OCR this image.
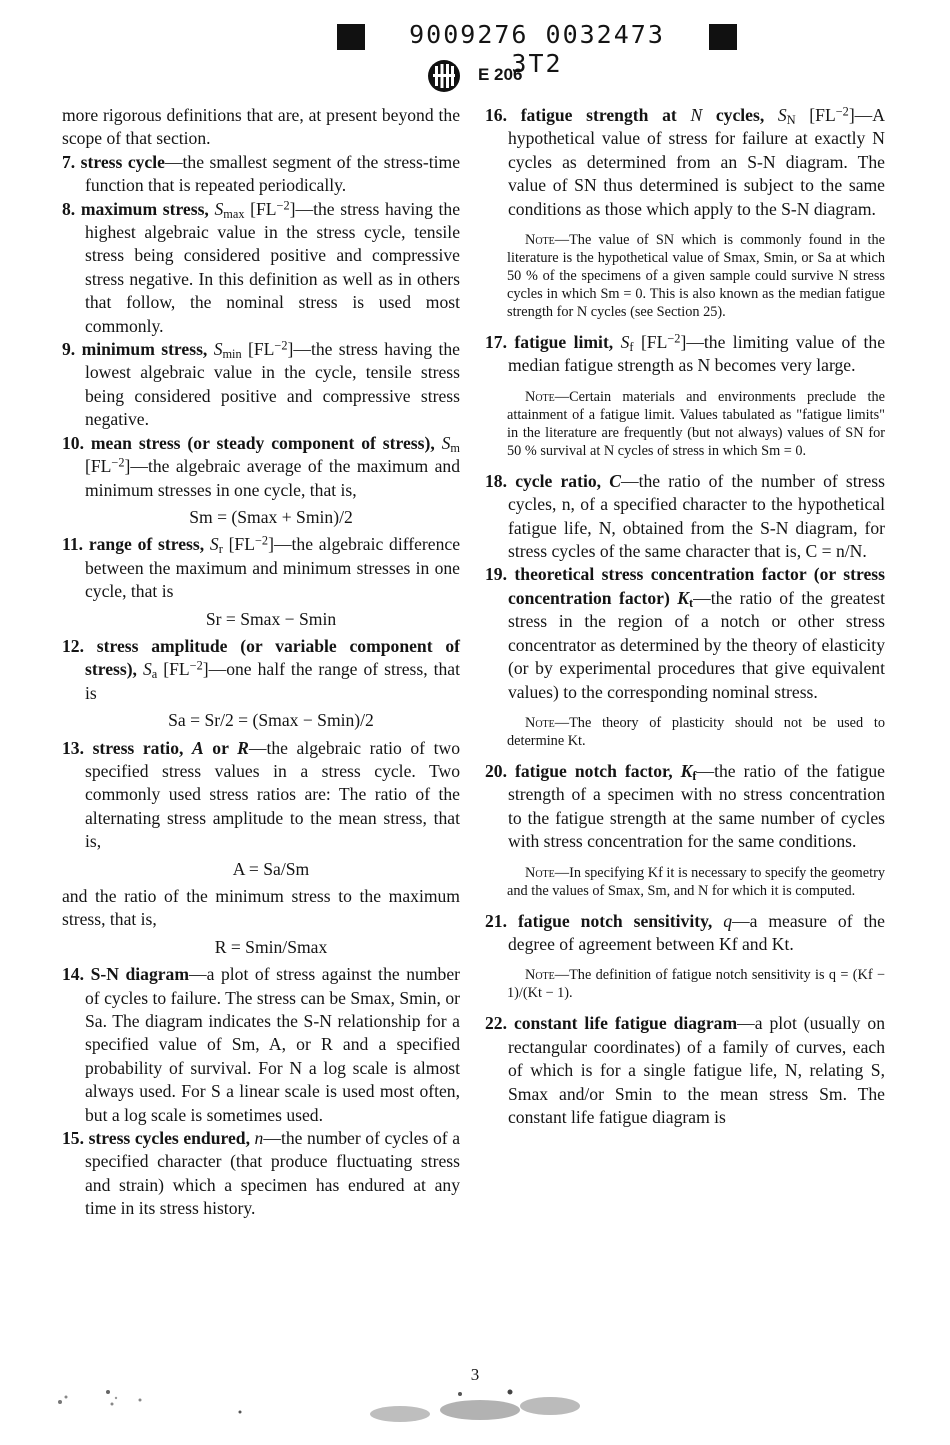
9009276 0032473 3T2
E 206

more rigorous definitions that are, at present beyond the scope of that section.

7. stress cycle—the smallest segment of the stress-time function that is repeated periodically.

8. maximum stress, $S_{max}$ $[FL^{-2}]—the$ stress having the highest algebraic value in the stress cycle, tensile stress being considered positive and compressive stress negative. In this definition as well as in others that follow, the nominal stress is used most commonly.

9. minimum stress, $S_{min}$ $[FL^{-2}]—the$ stress having the lowest algebraic value in the cycle, tensile stress being considered positive and compressive stress negative.

10. mean stress (or steady component of stress), $S_m$ $[FL^{-2}]—the$ algebraic average of the maximum and minimum stresses in one cycle, that is,

Sm = (Smax + Smin)/2

11. range of stress, $S_r$ $[FL^{-2}]—the$ algebraic difference between the maximum and minimum stresses in one cycle, that is

Sr = Smax − Smin

12. stress amplitude (or variable component of stress), $S_a$ $[FL^{-2}]—one$ half the range of stress, that is

Sa = Sr/2 = (Smax − Smin)/2

13. stress ratio, A or R—the algebraic ratio of two specified stress values in a stress cycle. Two commonly used stress ratios are: The ratio of the alternating stress amplitude to the mean stress, that is,

A = Sa/Sm

and the ratio of the minimum stress to the maximum stress, that is,

R = Smin/Smax

14. S-N diagram—a plot of stress against the number of cycles to failure. The stress can be Smax, Smin, or Sa. The diagram indicates the S-N relationship for a specified value of Sm, A, or R and a specified probability of survival. For N a log scale is almost always used. For S a linear scale is used most often, but a log scale is sometimes used.

15. stress cycles endured, n—the number of cycles of a specified character (that produce fluctuating stress and strain) which a specimen has endured at any time in its stress history.

16. fatigue strength at N cycles, $S_N$ $[FL^{-2}]—A$ hypothetical value of stress for failure at exactly N cycles as determined from an S-N diagram. The value of SN thus determined is subject to the same conditions as those which apply to the S-N diagram.

Note—The value of SN which is commonly found in the literature is the hypothetical value of Smax, Smin, or Sa at which 50 % of the specimens of a given sample could survive N stress cycles in which Sm = 0. This is also known as the median fatigue strength for N cycles (see Section 25).

17. fatigue limit, $S_f$ $[FL^{-2}]—the$ limiting value of the median fatigue strength as N becomes very large.

Note—Certain materials and environments preclude the attainment of a fatigue limit. Values tabulated as "fatigue limits" in the literature are frequently (but not always) values of SN for 50 % survival at N cycles of stress in which Sm = 0.

18. cycle ratio, C—the ratio of the number of stress cycles, n, of a specified character to the hypothetical fatigue life, N, obtained from the S-N diagram, for stress cycles of the same character that is, C = n/N.

19. theoretical stress concentration factor (or stress concentration factor) $K_t—the$ ratio of the greatest stress in the region of a notch or other stress concentrator as determined by the theory of elasticity (or by experimental procedures that give equivalent values) to the corresponding nominal stress.

Note—The theory of plasticity should not be used to determine Kt.

20. fatigue notch factor, $K_f—the$ ratio of the fatigue strength of a specimen with no stress concentration to the fatigue strength at the same number of cycles with stress concentration for the same conditions.

Note—In specifying Kf it is necessary to specify the geometry and the values of Smax, Sm, and N for which it is computed.

21. fatigue notch sensitivity, q—a measure of the degree of agreement between Kf and Kt.

Note—The definition of fatigue notch sensitivity is q = (Kf − 1)/(Kt − 1).

22. constant life fatigue diagram—a plot (usually on rectangular coordinates) of a family of curves, each of which is for a single fatigue life, N, relating S, Smax and/or Smin to the mean stress Sm. The constant life fatigue diagram is

3
